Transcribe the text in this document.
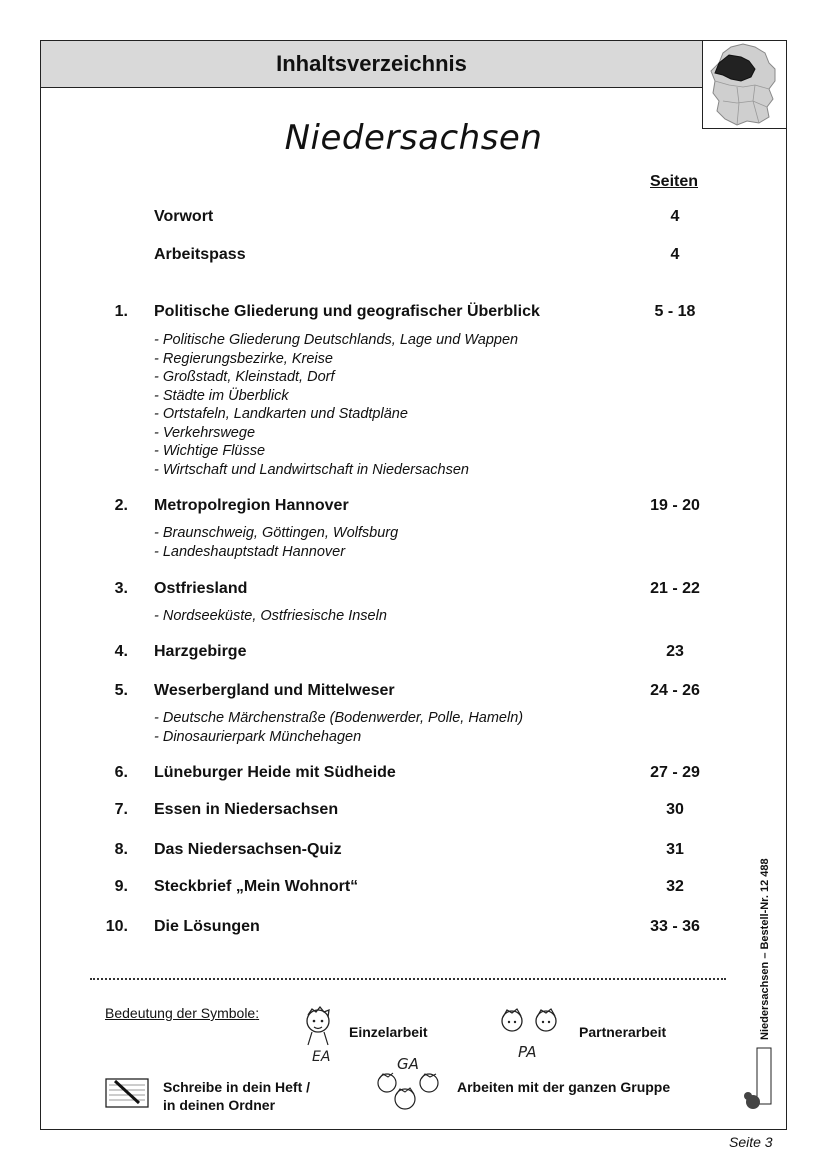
Inhaltsverzeichnis
Niedersachsen
Seiten
Vorwort	4
Arbeitspass	4
1. Politische Gliederung und geografischer Überblick	5 - 18
- Politische Gliederung Deutschlands, Lage und Wappen
- Regierungsbezirke, Kreise
- Großstadt, Kleinstadt, Dorf
- Städte im Überblick
- Ortstafeln, Landkarten und Stadtpläne
- Verkehrswege
- Wichtige Flüsse
- Wirtschaft und Landwirtschaft in Niedersachsen
2. Metropolregion Hannover	19 - 20
- Braunschweig, Göttingen, Wolfsburg
- Landeshauptstadt Hannover
3. Ostfriesland	21 - 22
- Nordseeküste, Ostfriesische Inseln
4. Harzgebirge	23
5. Weserbergland und Mittelweser	24 - 26
- Deutsche Märchenstraße (Bodenwerder, Polle, Hameln)
- Dinosaurierpark Münchehagen
6. Lüneburger Heide mit Südheide	27 - 29
7. Essen in Niedersachsen	30
8. Das Niedersachsen-Quiz	31
9. Steckbrief „Mein Wohnort“	32
10. Die Lösungen	33 - 36
Bedeutung der Symbole:
EA
Einzelarbeit
PA
Partnerarbeit
Schreibe in dein Heft /
in deinen Ordner
GA
Arbeiten mit der ganzen Gruppe
Niedersachsen – Bestell-Nr. 12 488
Seite 3
